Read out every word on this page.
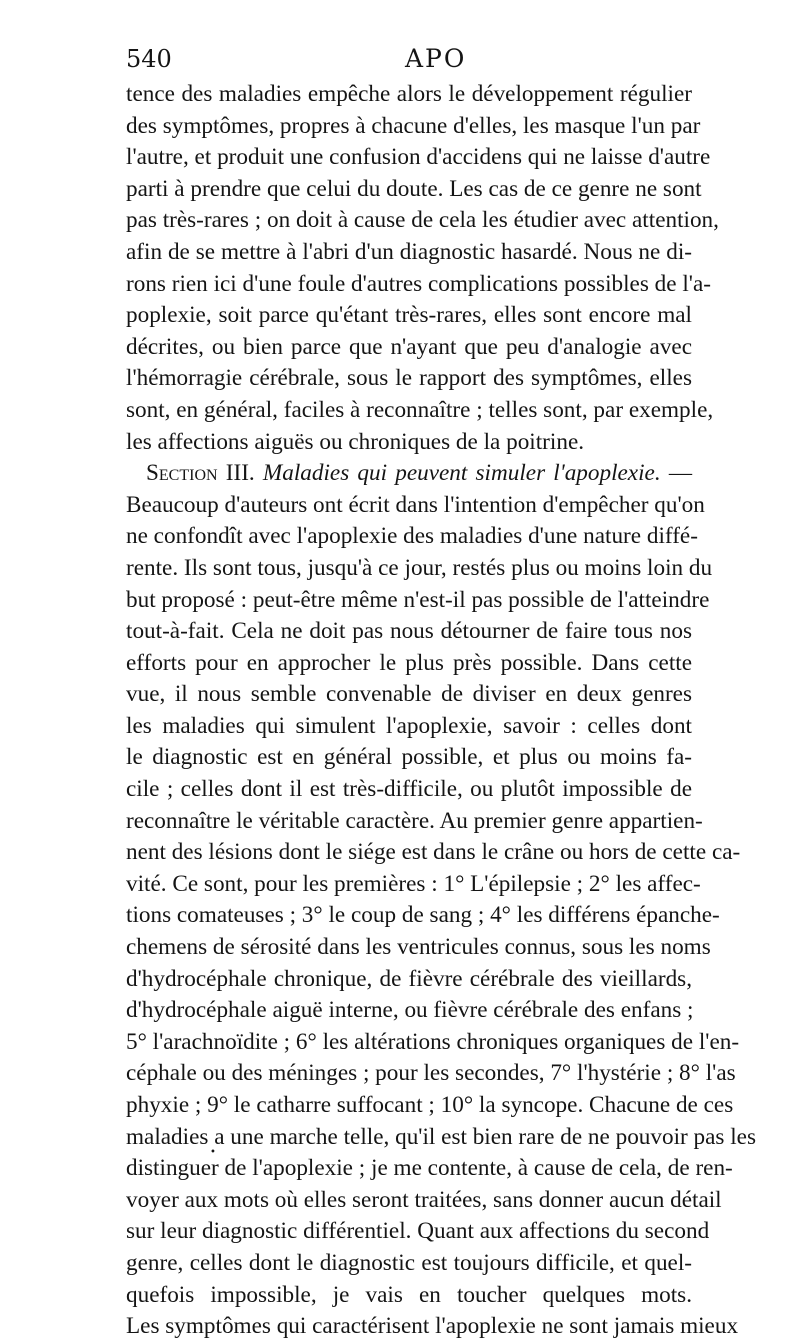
540	APO
tence des maladies empêche alors le développement régulier
des symptômes, propres à chacune d'elles, les masque l'un par
l'autre, et produit une confusion d'accidens qui ne laisse d'autre
parti à prendre que celui du doute. Les cas de ce genre ne sont
pas très-rares ; on doit à cause de cela les étudier avec attention,
afin de se mettre à l'abri d'un diagnostic hasardé. Nous ne di-
rons rien ici d'une foule d'autres complications possibles de l'a-
poplexie, soit parce qu'étant très-rares, elles sont encore mal
décrites, ou bien parce que n'ayant que peu d'analogie avec
l'hémorragie cérébrale, sous le rapport des symptômes, elles
sont, en général, faciles à reconnaître ; telles sont, par exemple,
les affections aiguës ou chroniques de la poitrine.
Section III. Maladies qui peuvent simuler l'apoplexie. —
Beaucoup d'auteurs ont écrit dans l'intention d'empêcher qu'on
ne confondît avec l'apoplexie des maladies d'une nature diffé-
rente. Ils sont tous, jusqu'à ce jour, restés plus ou moins loin du
but proposé : peut-être même n'est-il pas possible de l'atteindre
tout-à-fait. Cela ne doit pas nous détourner de faire tous nos
efforts pour en approcher le plus près possible. Dans cette
vue, il nous semble convenable de diviser en deux genres
les maladies qui simulent l'apoplexie, savoir : celles dont
le diagnostic est en général possible, et plus ou moins fa-
cile ; celles dont il est très-difficile, ou plutôt impossible de
reconnaître le véritable caractère. Au premier genre appartien-
nent des lésions dont le siége est dans le crâne ou hors de cette ca-
vité. Ce sont, pour les premières : 1° L'épilepsie ; 2° les affec-
tions comateuses ; 3° le coup de sang ; 4° les différens épanche-
chemens de sérosité dans les ventricules connus, sous les noms
d'hydrocéphale chronique, de fièvre cérébrale des vieillards,
d'hydrocéphale aiguë interne, ou fièvre cérébrale des enfans ;
5° l'arachnoïdite ; 6° les altérations chroniques organiques de l'en-
céphale ou des méninges ; pour les secondes, 7° l'hystérie ; 8° l'as
phyxie ; 9° le catharre suffocant ; 10° la syncope. Chacune de ces
maladies a une marche telle, qu'il est bien rare de ne pouvoir pas les
distinguer de l'apoplexie ; je me contente, à cause de cela, de ren-
voyer aux mots où elles seront traitées, sans donner aucun détail
sur leur diagnostic différentiel. Quant aux affections du second
genre, celles dont le diagnostic est toujours difficile, et quel-
quefois impossible, je vais en toucher quelques mots.
Les symptômes qui caractérisent l'apoplexie ne sont jamais mieux
•
